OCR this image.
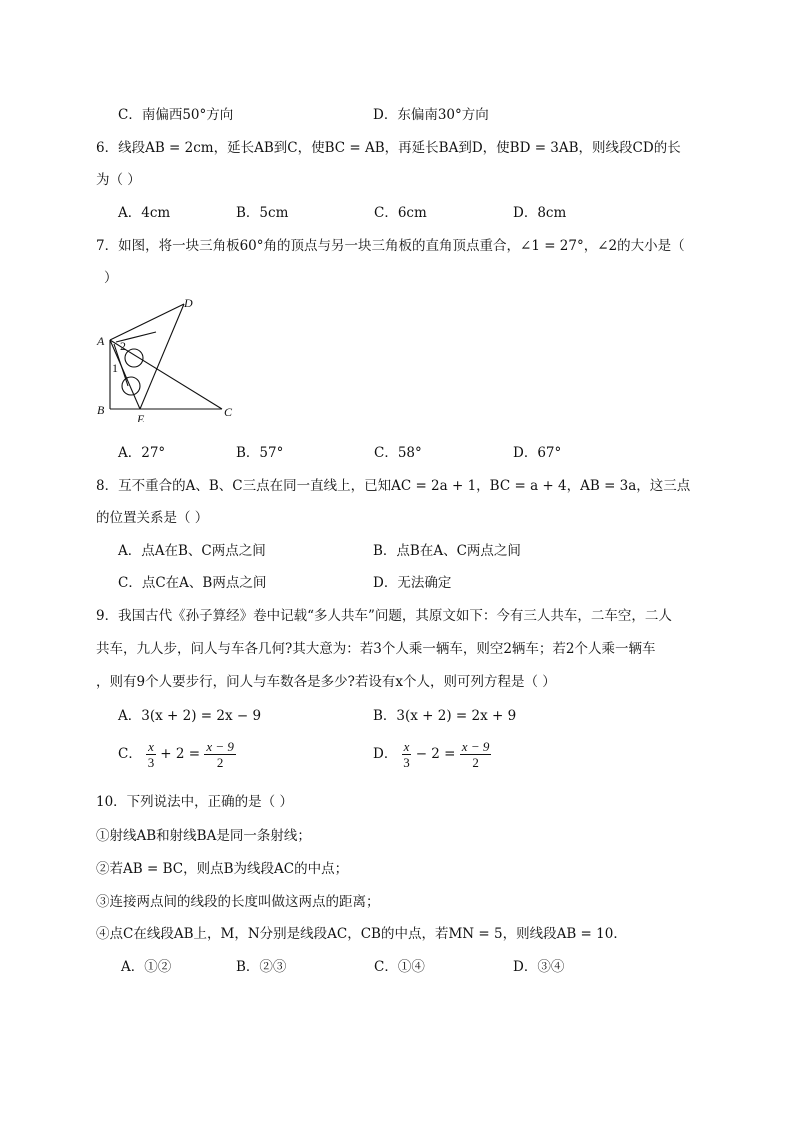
C．南偏西50°方向	D．东偏南30°方向
6．线段AB = 2cm，延长AB到C，使BC = AB，再延长BA到D，使BD = 3AB，则线段CD的长
为（ ）
A．4cm	B．5cm	C．6cm	D．8cm
7．如图，将一块三角板60°角的顶点与另一块三角板的直角顶点重合，∠1 = 27°，∠2的大小是（
）
A
B	C
D
E
2
1
A．27°	B．57°	C．58°	D．67°
8．互不重合的A、B、C三点在同一直线上，已知AC = 2a + 1，BC = a + 4，AB = 3a，这三点
的位置关系是（ ）
A．点A在B、C两点之间	B．点B在A、C两点之间
C．点C在A、B两点之间	D．无法确定
9．我国古代《孙子算经》卷中记载“多人共车”问题，其原文如下：今有三人共车，二车空，二人
共车，九人步，问人与车各几何?其大意为：若3个人乘一辆车，则空2辆车；若2个人乘一辆车
，则有9个人要步行，问人与车数各是多少?若设有x个人，则可列方程是（ ）
A．3(x + 2) = 2x − 9	B．3(x + 2) = 2x + 9
C． $\frac{x}{3} + 2 = \frac{x - 9}{2}$	D． $\frac{x}{3} - 2 = \frac{x - 9}{2}$
10．下列说法中，正确的是（ ）
①射线AB和射线BA是同一条射线；
②若AB = BC，则点B为线段AC的中点；
③连接两点间的线段的长度叫做这两点的距离；
④点C在线段AB上，M，N分别是线段AC，CB的中点，若MN = 5，则线段AB = 10．
A．①②	B．②③	C．①④	D．③④
